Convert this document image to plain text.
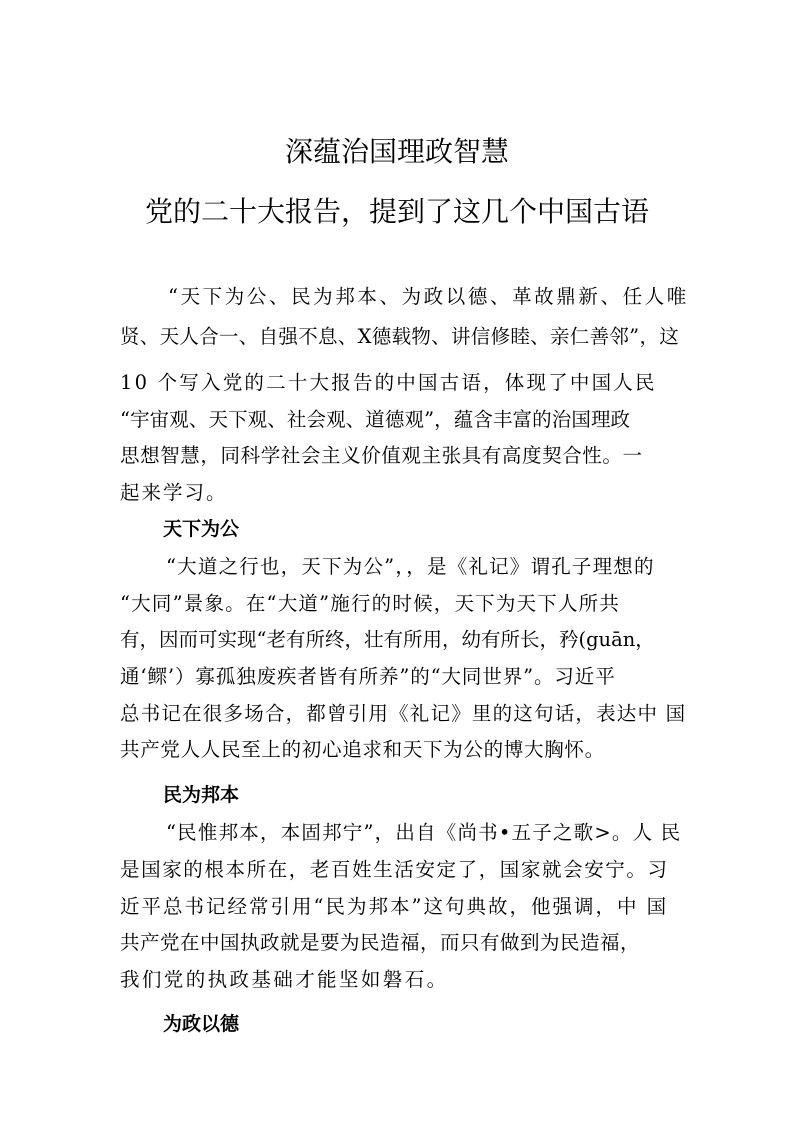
深蕴治国理政智慧
党的二十大报告，提到了这几个中国古语

“天下为公、民为邦本、为政以德、革故鼎新、任人唯

贤、天人合一、自强不息、X德载物、讲信修睦、亲仁善邻”，这

10 个写入党的二十大报告的中国古语，体现了中国人民

“宇宙观、天下观、社会观、道德观”，蕴含丰富的治国理政

思想智慧，同科学社会主义价值观主张具有高度契合性。一

起来学习。

天下为公

“大道之行也，天下为公”，，是《礼记》谓孔子理想的

“大同”景象。在“大道”施行的时候，天下为天下人所共

有，因而可实现“老有所终，壮有所用，幼有所长，矜(guān，

通‘鳏’）寡孤独废疾者皆有所养”的“大同世界”。习近平

总书记在很多场合，都曾引用《礼记》里的这句话，表达中 国

共产党人人民至上的初心追求和天下为公的博大胸怀。

民为邦本

“民惟邦本，本固邦宁”，出自《尚书•五子之歌>。人 民

是国家的根本所在，老百姓生活安定了，国家就会安宁。习

近平总书记经常引用“民为邦本”这句典故，他强调，中 国

共产党在中国执政就是要为民造福，而只有做到为民造福，

我们党的执政基础才能坚如磐石。

为政以德
